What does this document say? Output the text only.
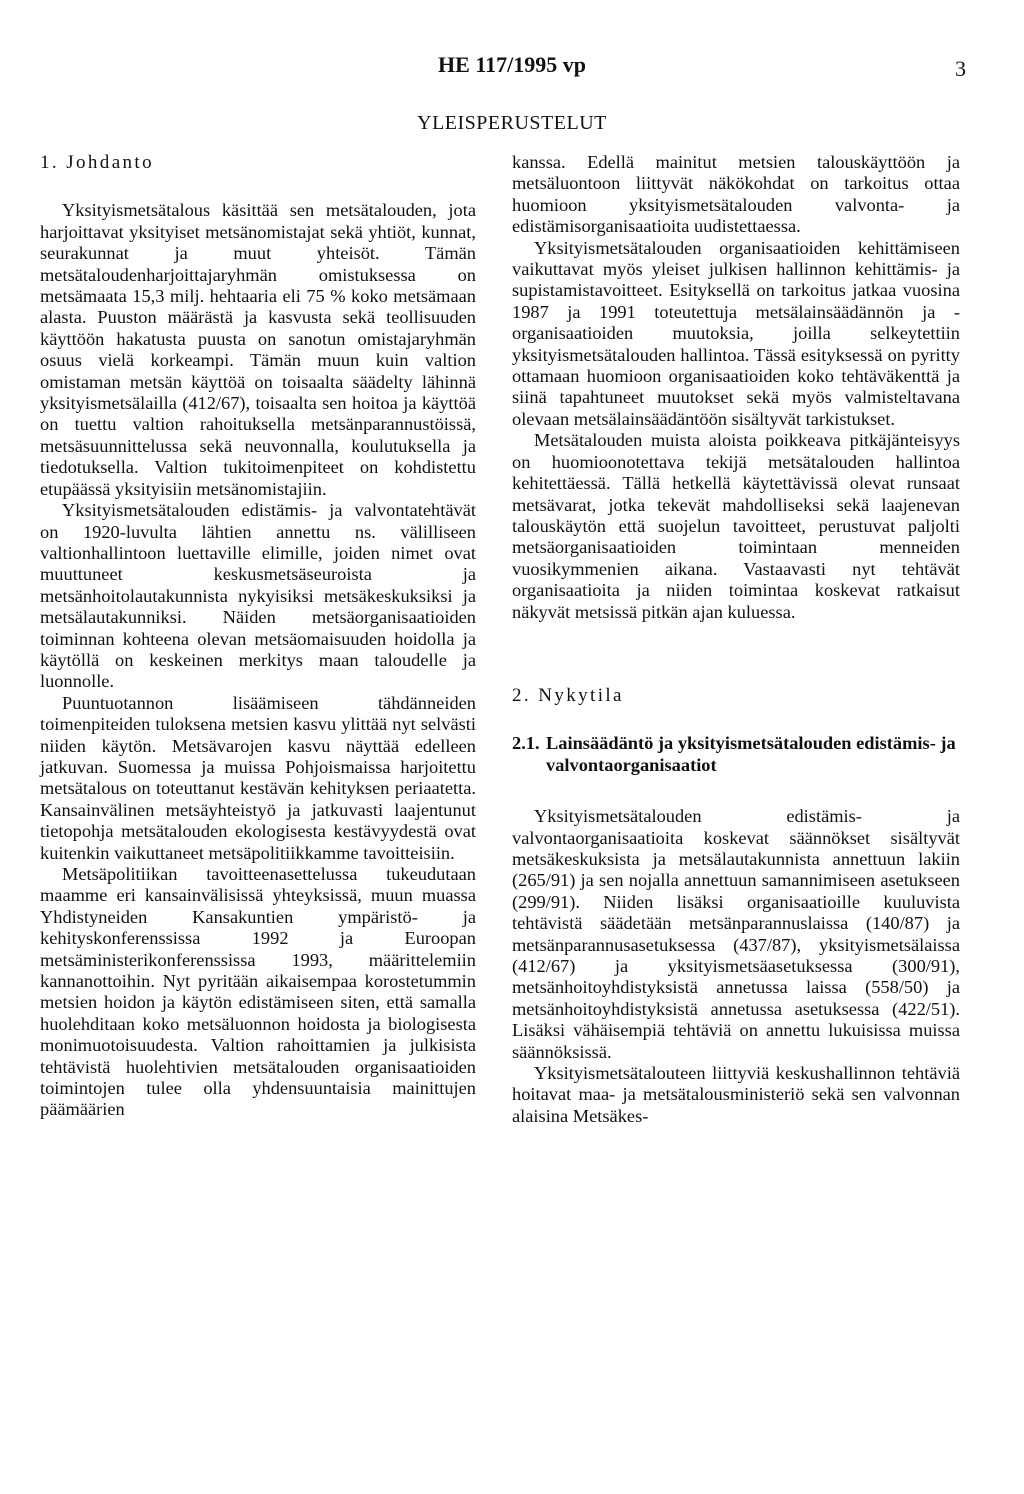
HE 117/1995 vp	3
YLEISPERUSTELUT
1. Johdanto

Yksityismetsätalous käsittää sen metsätalouden, jota harjoittavat yksityiset metsänomistajat sekä yhtiöt, kunnat, seurakunnat ja muut yhteisöt. Tämän metsätaloudenharjoittajaryhmän omistuksessa on metsämaata 15,3 milj. hehtaaria eli 75 % koko metsämaan alasta. Puuston määrästä ja kasvusta sekä teollisuuden käyttöön hakatusta puusta on sanotun omistajaryhmän osuus vielä korkeampi. Tämän muun kuin valtion omistaman metsän käyttöä on toisaalta säädelty lähinnä yksityismetsälailla (412/67), toisaalta sen hoitoa ja käyttöä on tuettu valtion rahoituksella metsänparannustöissä, metsäsuunnittelussa sekä neuvonnalla, koulutuksella ja tiedotuksella. Valtion tukitoimenpiteet on kohdistettu etupäässä yksityisiin metsänomistajiin.

Yksityismetsätalouden edistämis- ja valvontatehtävät on 1920-luvulta lähtien annettu ns. välilliseen valtionhallintoon luettaville elimille, joiden nimet ovat muuttuneet keskusmetsäseuroista ja metsänhoitolautakunnista nykyisiksi metsäkeskuksiksi ja metsälautakunniksi. Näiden metsäorganisaatioiden toiminnan kohteena olevan metsäomaisuuden hoidolla ja käytöllä on keskeinen merkitys maan taloudelle ja luonnolle.

Puuntuotannon lisäämiseen tähdänneiden toimenpiteiden tuloksena metsien kasvu ylittää nyt selvästi niiden käytön. Metsävarojen kasvu näyttää edelleen jatkuvan. Suomessa ja muissa Pohjoismaissa harjoitettu metsätalous on toteuttanut kestävän kehityksen periaatetta. Kansainvälinen metsäyhteistyö ja jatkuvasti laajentunut tietopohja metsätalouden ekologisesta kestävyydestä ovat kuitenkin vaikuttaneet metsäpolitiikkamme tavoitteisiin.

Metsäpolitiikan tavoitteenasettelussa tukeudutaan maamme eri kansainvälisissä yhteyksissä, muun muassa Yhdistyneiden Kansakuntien ympäristö- ja kehityskonferenssissa 1992 ja Euroopan metsäministerikonferenssissa 1993, määrittelemiin kannanottoihin. Nyt pyritään aikaisempaa korostetummin metsien hoidon ja käytön edistämiseen siten, että samalla huolehditaan koko metsäluonnon hoidosta ja biologisesta monimuotoisuudesta. Valtion rahoittamien ja julkisista tehtävistä huolehtivien metsätalouden organisaatioiden toimintojen tulee olla yhdensuuntaisia mainittujen päämäärien

kanssa. Edellä mainitut metsien talouskäyttöön ja metsäluontoon liittyvät näkökohdat on tarkoitus ottaa huomioon yksityismetsätalouden valvonta- ja edistämisorganisaatioita uudistettaessa.

Yksityismetsätalouden organisaatioiden kehittämiseen vaikuttavat myös yleiset julkisen hallinnon kehittämis- ja supistamistavoitteet. Esityksellä on tarkoitus jatkaa vuosina 1987 ja 1991 toteutettuja metsälainsäädännön ja -organisaatioiden muutoksia, joilla selkeytettiin yksityismetsätalouden hallintoa. Tässä esityksessä on pyritty ottamaan huomioon organisaatioiden koko tehtäväkenttä ja siinä tapahtuneet muutokset sekä myös valmisteltavana olevaan metsälainsäädäntöön sisältyvät tarkistukset.

Metsätalouden muista aloista poikkeava pitkäjänteisyys on huomioonotettava tekijä metsätalouden hallintoa kehitettäessä. Tällä hetkellä käytettävissä olevat runsaat metsävarat, jotka tekevät mahdolliseksi sekä laajenevan talouskäytön että suojelun tavoitteet, perustuvat paljolti metsäorganisaatioiden toimintaan menneiden vuosikymmenien aikana. Vastaavasti nyt tehtävät organisaatioita ja niiden toimintaa koskevat ratkaisut näkyvät metsissä pitkän ajan kuluessa.

2. Nykytila
2.1. Lainsäädäntö ja yksityismetsätalouden edistämis- ja valvontaorganisaatiot

Yksityismetsätalouden edistämis- ja valvontaorganisaatioita koskevat säännökset sisältyvät metsäkeskuksista ja metsälautakunnista annettuun lakiin (265/91) ja sen nojalla annettuun samannimiseen asetukseen (299/91). Niiden lisäksi organisaatioille kuuluvista tehtävistä säädetään metsänparannuslaissa (140/87) ja metsänparannusasetuksessa (437/87), yksityismetsälaissa (412/67) ja yksityismetsäasetuksessa (300/91), metsänhoitoyhdistyksistä annetussa laissa (558/50) ja metsänhoitoyhdistyksistä annetussa asetuksessa (422/51). Lisäksi vähäisempiä tehtäviä on annettu lukuisissa muissa säännöksissä.

Yksityismetsätalouteen liittyviä keskushallinnon tehtäviä hoitavat maa- ja metsätalousministeriö sekä sen valvonnan alaisina Metsäkes-
